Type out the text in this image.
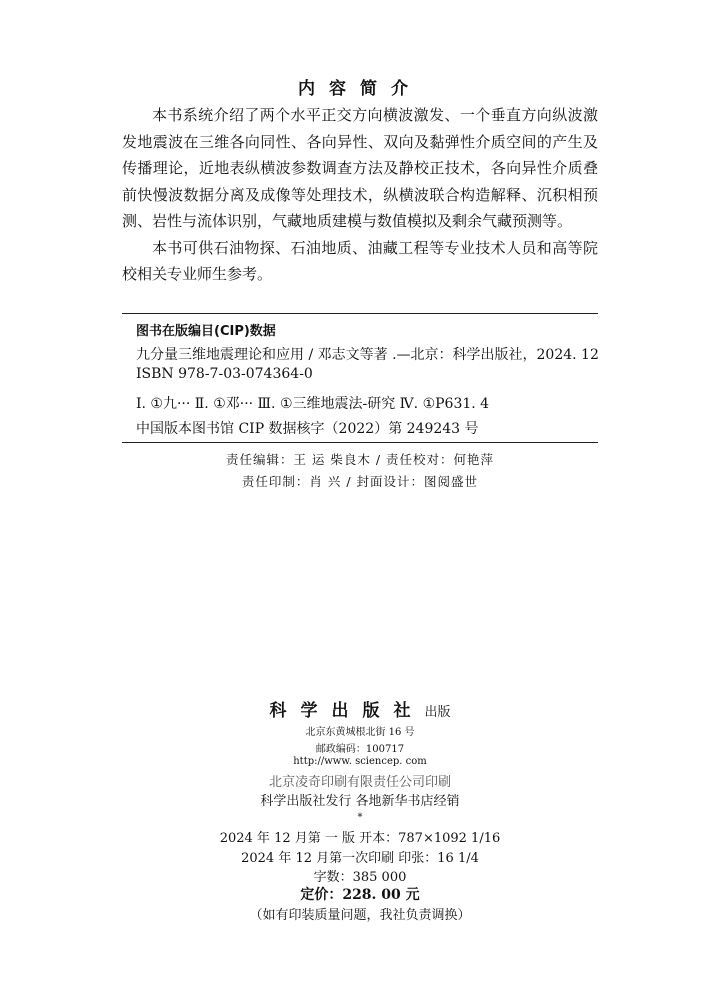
内容简介

本书系统介绍了两个水平正交方向横波激发、一个垂直方向纵波激发地震波在三维各向同性、各向异性、双向及黏弹性介质空间的产生及传播理论，近地表纵横波参数调查方法及静校正技术，各向异性介质叠前快慢波数据分离及成像等处理技术，纵横波联合构造解释、沉积相预测、岩性与流体识别，气藏地质建模与数值模拟及剩余气藏预测等。

本书可供石油物探、石油地质、油藏工程等专业技术人员和高等院校相关专业师生参考。

图书在版编目(CIP)数据
九分量三维地震理论和应用 / 邓志文等著 .—北京：科学出版社，2024. 12
ISBN 978-7-03-074364-0
Ⅰ. ①九··· Ⅱ. ①邓··· Ⅲ. ①三维地震法-研究 Ⅳ. ①P631. 4
中国版本图书馆 CIP 数据核字（2022）第 249243 号
责任编辑：王 运 柴良木 / 责任校对：何艳萍
责任印制：肖 兴 / 封面设计：图阅盛世
科学出版社出版
北京东黄城根北街 16 号
邮政编码：100717
http://www. sciencep. com
北京凌奇印刷有限责任公司印刷
科学出版社发行 各地新华书店经销
*
2024 年 12 月第 一 版 开本：787×1092 1/16
2024 年 12 月第一次印刷 印张：16 1/4
字数：385 000
定价：228. 00 元
（如有印装质量问题，我社负责调换）
